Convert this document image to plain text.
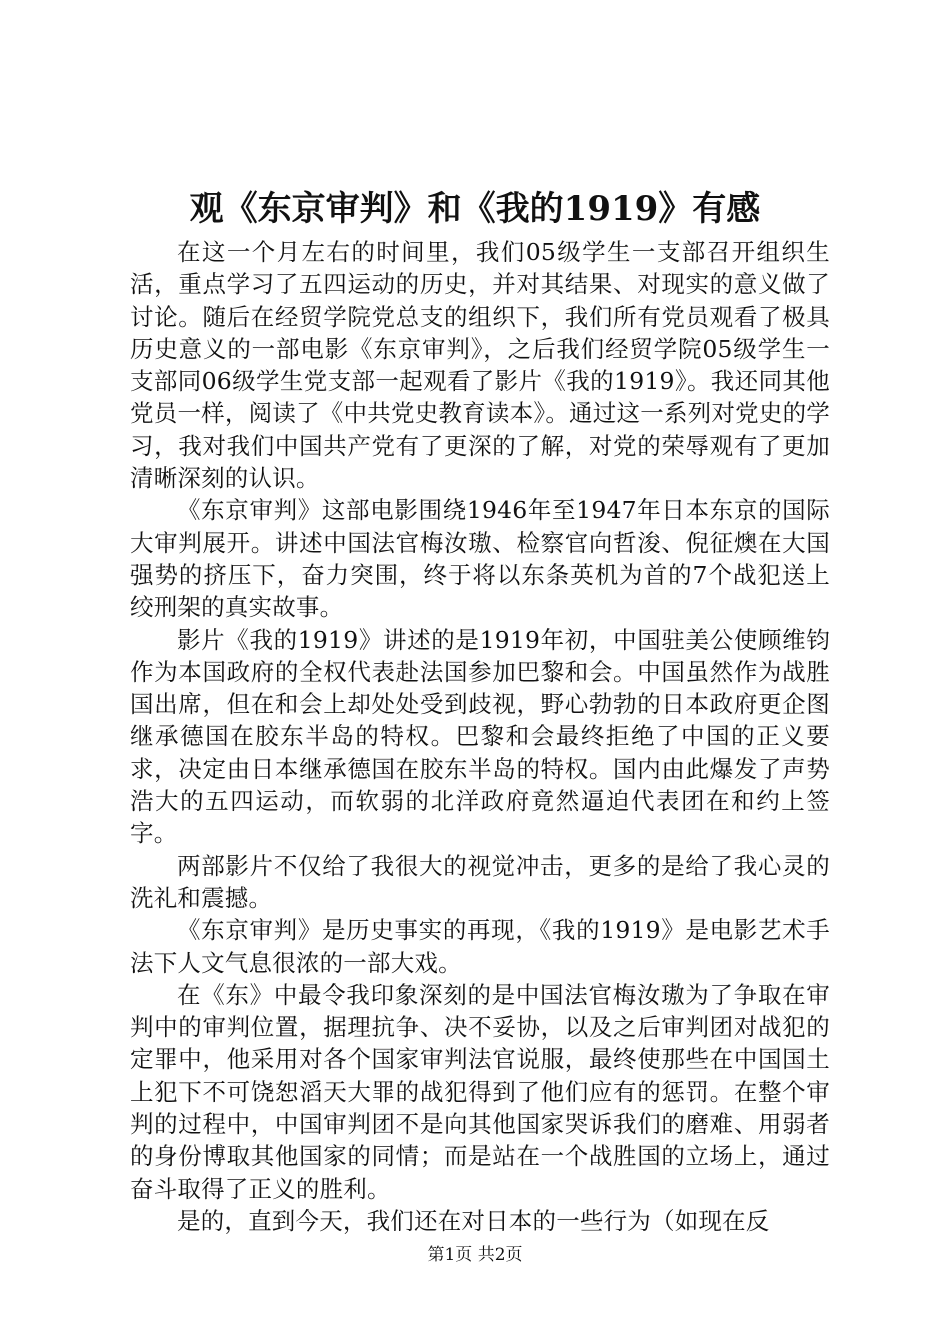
观《东京审判》和《我的1919》有感

在这一个月左右的时间里，我们05级学生一支部召开组织生活，重点学习了五四运动的历史，并对其结果、对现实的意义做了讨论。随后在经贸学院党总支的组织下，我们所有党员观看了极具历史意义的一部电影《东京审判》，之后我们经贸学院05级学生一支部同06级学生党支部一起观看了影片《我的1919》。我还同其他党员一样，阅读了《中共党史教育读本》。通过这一系列对党史的学习，我对我们中国共产党有了更深的了解，对党的荣辱观有了更加清晰深刻的认识。

《东京审判》这部电影围绕1946年至1947年日本东京的国际大审判展开。讲述中国法官梅汝璈、检察官向哲浚、倪征燠在大国强势的挤压下，奋力突围，终于将以东条英机为首的7个战犯送上绞刑架的真实故事。

影片《我的1919》讲述的是1919年初，中国驻美公使顾维钧作为本国政府的全权代表赴法国参加巴黎和会。中国虽然作为战胜国出席，但在和会上却处处受到歧视，野心勃勃的日本政府更企图继承德国在胶东半岛的特权。巴黎和会最终拒绝了中国的正义要求，决定由日本继承德国在胶东半岛的特权。国内由此爆发了声势浩大的五四运动，而软弱的北洋政府竟然逼迫代表团在和约上签字。

两部影片不仅给了我很大的视觉冲击，更多的是给了我心灵的洗礼和震撼。

《东京审判》是历史事实的再现，《我的1919》是电影艺术手法下人文气息很浓的一部大戏。

在《东》中最令我印象深刻的是中国法官梅汝璈为了争取在审判中的审判位置，据理抗争、决不妥协，以及之后审判团对战犯的定罪中，他采用对各个国家审判法官说服，最终使那些在中国国土上犯下不可饶恕滔天大罪的战犯得到了他们应有的惩罚。在整个审判的过程中，中国审判团不是向其他国家哭诉我们的磨难、用弱者的身份博取其他国家的同情；而是站在一个战胜国的立场上，通过奋斗取得了正义的胜利。

是的，直到今天，我们还在对日本的一些行为（如现在反

第1页 共2页
